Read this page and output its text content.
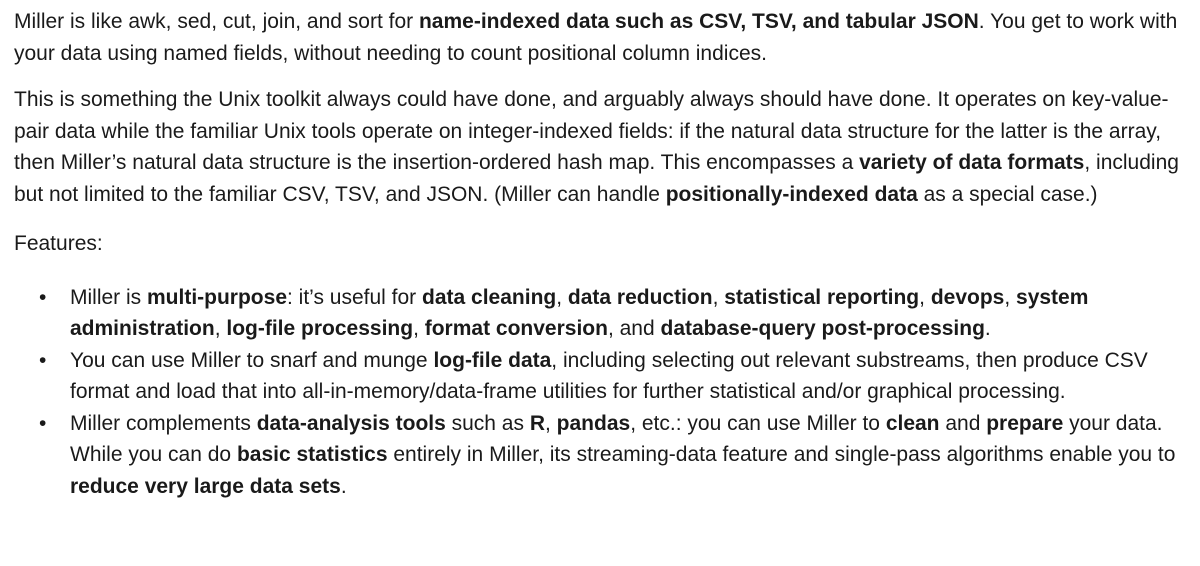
Miller is like awk, sed, cut, join, and sort for name-indexed data such as CSV, TSV, and tabular JSON. You get to work with your data using named fields, without needing to count positional column indices.

This is something the Unix toolkit always could have done, and arguably always should have done. It operates on key-value-pair data while the familiar Unix tools operate on integer-indexed fields: if the natural data structure for the latter is the array, then Miller’s natural data structure is the insertion-ordered hash map. This encompasses a variety of data formats, including but not limited to the familiar CSV, TSV, and JSON. (Miller can handle positionally-indexed data as a special case.)

Features:

• Miller is multi-purpose: it’s useful for data cleaning, data reduction, statistical reporting, devops, system administration, log-file processing, format conversion, and database-query post-processing.
• You can use Miller to snarf and munge log-file data, including selecting out relevant substreams, then produce CSV format and load that into all-in-memory/data-frame utilities for further statistical and/or graphical processing.
• Miller complements data-analysis tools such as R, pandas, etc.: you can use Miller to clean and prepare your data. While you can do basic statistics entirely in Miller, its streaming-data feature and single-pass algorithms enable you to reduce very large data sets.
